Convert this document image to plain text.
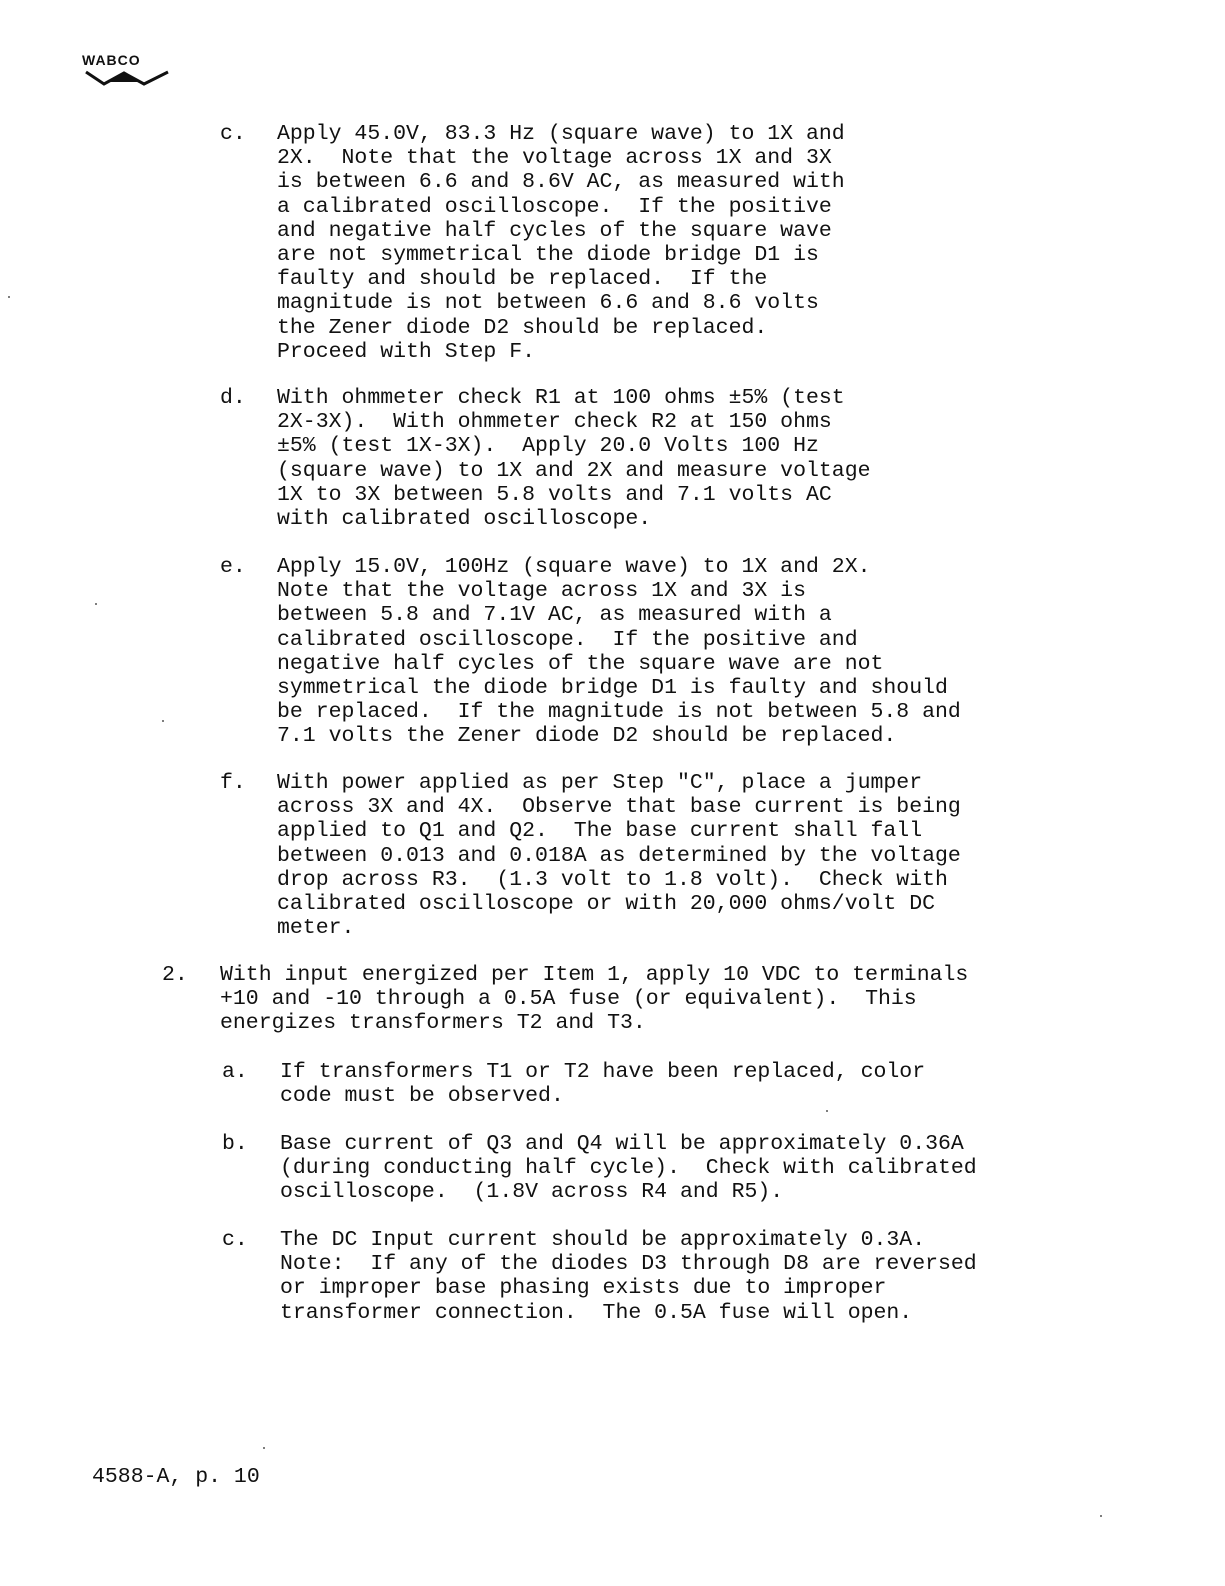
WABCO
c. Apply 45.0V, 83.3 Hz (square wave) to 1X and
2X.  Note that the voltage across 1X and 3X
is between 6.6 and 8.6V AC, as measured with
a calibrated oscilloscope.  If the positive
and negative half cycles of the square wave
are not symmetrical the diode bridge D1 is
faulty and should be replaced.  If the
magnitude is not between 6.6 and 8.6 volts
the Zener diode D2 should be replaced.
Proceed with Step F.
d. With ohmmeter check R1 at 100 ohms ±5% (test
2X-3X).  With ohmmeter check R2 at 150 ohms
±5% (test 1X-3X).  Apply 20.0 Volts 100 Hz
(square wave) to 1X and 2X and measure voltage
1X to 3X between 5.8 volts and 7.1 volts AC
with calibrated oscilloscope.
e. Apply 15.0V, 100Hz (square wave) to 1X and 2X.
Note that the voltage across 1X and 3X is
between 5.8 and 7.1V AC, as measured with a
calibrated oscilloscope.  If the positive and
negative half cycles of the square wave are not
symmetrical the diode bridge D1 is faulty and should
be replaced.  If the magnitude is not between 5.8 and
7.1 volts the Zener diode D2 should be replaced.
f. With power applied as per Step "C", place a jumper
across 3X and 4X.  Observe that base current is being
applied to Q1 and Q2.  The base current shall fall
between 0.013 and 0.018A as determined by the voltage
drop across R3.  (1.3 volt to 1.8 volt).  Check with
calibrated oscilloscope or with 20,000 ohms/volt DC
meter.
2. With input energized per Item 1, apply 10 VDC to terminals
+10 and -10 through a 0.5A fuse (or equivalent).  This
energizes transformers T2 and T3.
a. If transformers T1 or T2 have been replaced, color
code must be observed.
b. Base current of Q3 and Q4 will be approximately 0.36A
(during conducting half cycle).  Check with calibrated
oscilloscope.  (1.8V across R4 and R5).
c. The DC Input current should be approximately 0.3A.
Note:  If any of the diodes D3 through D8 are reversed
or improper base phasing exists due to improper
transformer connection.  The 0.5A fuse will open.
4588-A, p. 10
